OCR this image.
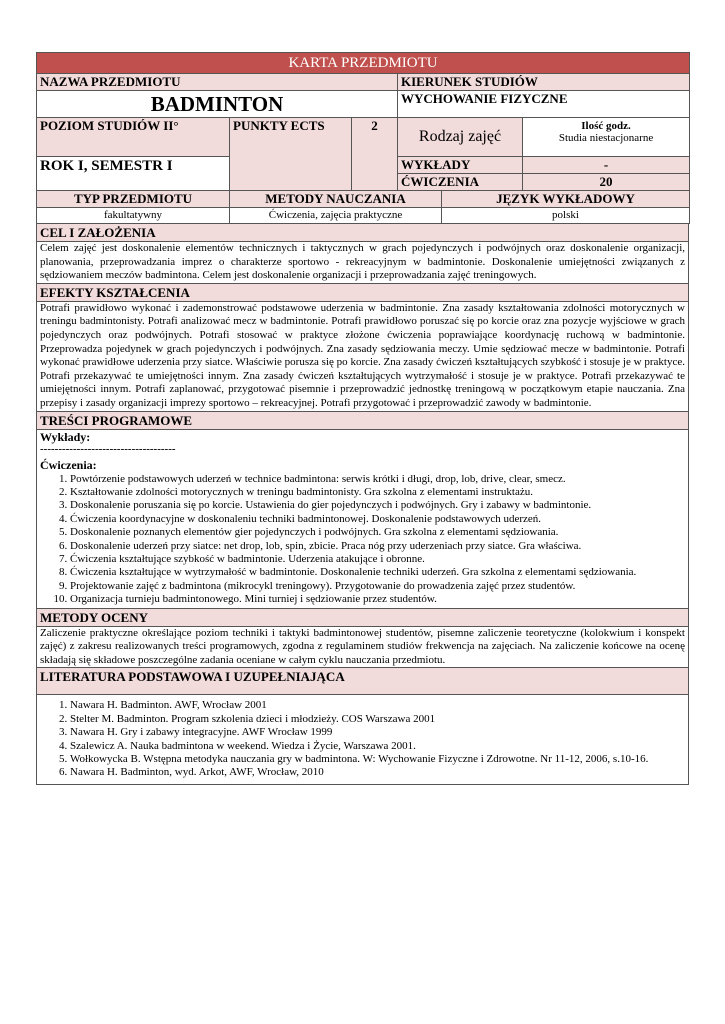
KARTA PRZEDMIOTU				
NAZWA PRZEDMIOTU			KIERUNEK STUDIÓW	
BADMINTON			WYCHOWANIE FIZYCZNE	
POZIOM STUDIÓW II°	PUNKTY ECTS	2	Rodzaj zajęć	Ilość godz.
Studia niestacjonarne

ROK I, SEMESTR I			WYKŁADY	-
			ĆWICZENIA	20
TYP PRZEDMIOTU	METODY NAUCZANIA	JĘZYK WYKŁADOWY
fakultatywny	Ćwiczenia, zajęcia praktyczne	polski
CEL I ZAŁOŻENIA
Celem zajęć jest doskonalenie elementów technicznych i taktycznych w grach pojedynczych i podwójnych oraz doskonalenie organizacji, planowania, przeprowadzania imprez o charakterze sportowo - rekreacyjnym w badmintonie. Doskonalenie umiejętności związanych z sędziowaniem meczów badmintona. Celem jest doskonalenie organizacji i przeprowadzania zajęć treningowych.
EFEKTY KSZTAŁCENIA
Potrafi prawidłowo wykonać i zademonstrować podstawowe uderzenia w badmintonie. Zna zasady kształtowania zdolności motorycznych w treningu badmintonisty. Potrafi analizować mecz w badmintonie. Potrafi prawidłowo poruszać się po korcie oraz zna pozycje wyjściowe w grach pojedynczych oraz podwójnych. Potrafi stosować w praktyce złożone ćwiczenia poprawiające koordynację ruchową w badmintonie. Przeprowadza pojedynek w grach pojedynczych i podwójnych. Zna zasady sędziowania meczy. Umie sędziować mecze w badmintonie. Potrafi wykonać prawidłowe uderzenia przy siatce. Właściwie porusza się po korcie. Zna zasady ćwiczeń kształtujących szybkość i stosuje je w praktyce. Potrafi przekazywać te umiejętności innym. Zna zasady ćwiczeń kształtujących wytrzymałość i stosuje je w praktyce. Potrafi przekazywać te umiejętności innym. Potrafi zaplanować, przygotować pisemnie i przeprowadzić jednostkę treningową w początkowym etapie nauczania. Zna przepisy i zasady organizacji imprezy sportowo – rekreacyjnej. Potrafi przygotować i przeprowadzić zawody w badmintonie.
TREŚCI PROGRAMOWE

Wykłady:
-------------------------------------
Ćwiczenia:
1. Powtórzenie podstawowych uderzeń w technice badmintona: serwis krótki i długi, drop, lob, drive, clear, smecz.
2. Kształtowanie zdolności motorycznych w treningu badmintonisty. Gra szkolna z elementami instruktażu.
3. Doskonalenie poruszania się po korcie. Ustawienia do gier pojedynczych i podwójnych. Gry i zabawy w badmintonie.
4. Ćwiczenia koordynacyjne w doskonaleniu techniki badmintonowej. Doskonalenie podstawowych uderzeń.
5. Doskonalenie poznanych elementów gier pojedynczych i podwójnych. Gra szkolna z elementami sędziowania.
6. Doskonalenie uderzeń przy siatce: net drop, lob, spin, zbicie. Praca nóg przy uderzeniach przy siatce. Gra właściwa.
7. Ćwiczenia kształtujące szybkość w badmintonie. Uderzenia atakujące i obronne.
8. Ćwiczenia kształtujące w wytrzymałość w badmintonie. Doskonalenie techniki uderzeń. Gra szkolna z elementami sędziowania.
9. Projektowanie zajęć z badmintona (mikrocykl treningowy). Przygotowanie do prowadzenia zajęć przez studentów.
10. Organizacja turnieju badmintonowego. Mini turniej i sędziowanie przez studentów.

METODY OCENY
Zaliczenie praktyczne określające poziom techniki i taktyki badmintonowej studentów, pisemne zaliczenie teoretyczne (kolokwium i konspekt zajęć) z zakresu realizowanych treści programowych, zgodna z regulaminem studiów frekwencja na zajęciach. Na zaliczenie końcowe na ocenę składają się składowe poszczególne zadania oceniane w całym cyklu nauczania przedmiotu.
LITERATURA PODSTAWOWA I UZUPEŁNIAJĄCA

1. Nawara H. Badminton. AWF, Wrocław 2001
2. Stelter M. Badminton. Program szkolenia dzieci i młodzieży. COS Warszawa 2001
3. Nawara H. Gry i zabawy integracyjne. AWF Wrocław 1999
4. Szalewicz A. Nauka badmintona w weekend. Wiedza i Życie, Warszawa 2001.
5. Wołkowycka B. Wstępna metodyka nauczania gry w badmintona. W: Wychowanie Fizyczne i Zdrowotne. Nr 11-12, 2006, s.10-16.
6. Nawara H. Badminton, wyd. Arkot, AWF, Wrocław, 2010
